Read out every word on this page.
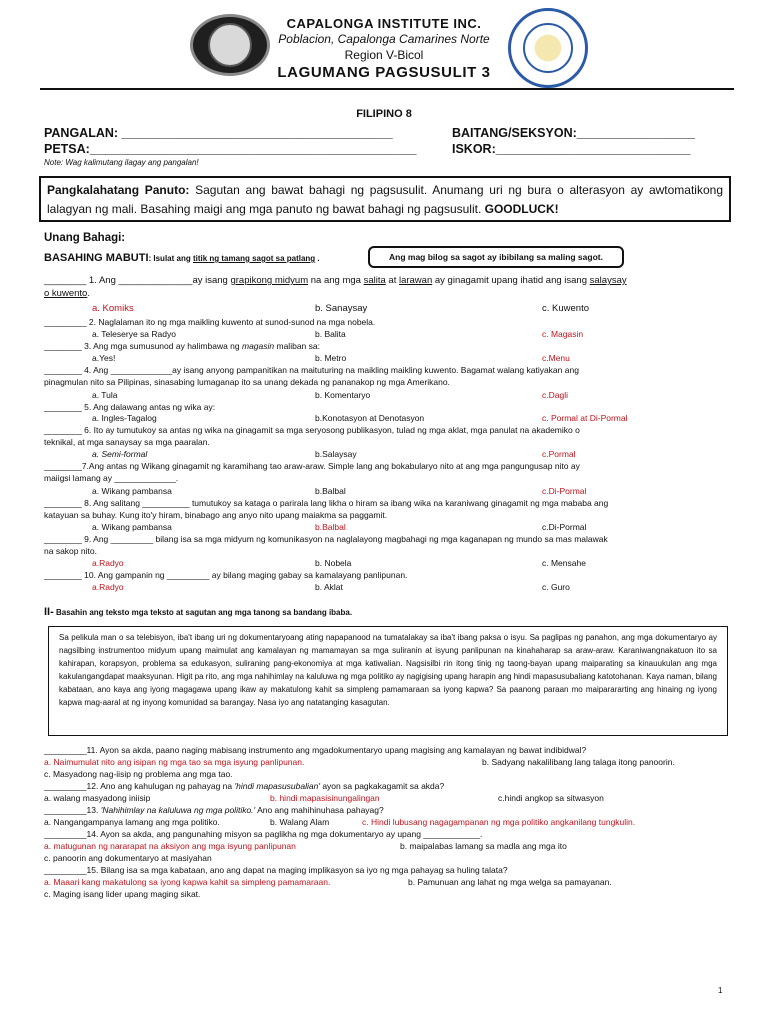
CAPALONGA INSTITUTE INC.
Poblacion, Capalonga Camarines Norte
Region V-Bicol
LAGUMANG PAGSUSULIT 3
FILIPINO 8
PANGALAN: _______________________________________
PETSA:_______________________________________________
BAITANG/SEKSYON:_________________
ISKOR:____________________________
Note: Wag kalimutang ilagay ang pangalan!
Pangkalahatang Panuto: Sagutan ang bawat bahagi ng pagsusulit. Anumang uri ng bura o alterasyon ay awtomatikong lalagyan ng mali. Basahing maigi ang mga panuto ng bawat bahagi ng pagsusulit. GOODLUCK!
Unang Bahagi:
BASAHING MABUTI: Isulat ang titik ng tamang sagot sa patlang .	Ang mag bilog sa sagot ay ibibilang sa maling sagot.
________ 1. Ang ______________ay isang grapikong midyum na ang mga salita at larawan ay ginagamit upang ihatid ang isang salaysay
o kuwento.
a. Komiks	b. Sanaysay	c. Kuwento
_________ 2. Naglalaman ito ng mga maikling kuwento at sunod-sunod na mga nobela.
a. Teleserye sa Radyo	b. Balita	c. Magasin
________ 3. Ang mga sumusunod ay halimbawa ng magasin maliban sa:
a.Yes!	b. Metro	c.Menu
________ 4. Ang _____________ay isang anyong pampanitikan na maituturing na maikling maikling kuwento. Bagamat walang katiyakan ang
pinagmulan nito sa Pilipinas, sinasabing lumaganap ito sa unang dekada ng pananakop ng mga Amerikano.
a. Tula	b. Komentaryo	c.Dagli
________ 5. Ang dalawang antas ng wika ay:
a. Ingles-Tagalog	b.Konotasyon at Denotasyon	c. Pormal at Di-Pormal
________ 6. Ito ay tumutukoy sa antas ng wika na ginagamit sa mga seryosong publikasyon, tulad ng mga aklat, mga panulat na akademiko o
teknikal, at mga sanaysay sa mga paaralan.
a. Semi-formal	b.Salaysay	c.Pormal
________7.Ang antas ng Wikang ginagamit ng karamihang tao araw-araw. Simple lang ang bokabularyo nito at ang mga pangungusap nito ay
maiigsi lamang ay _____________.
a. Wikang pambansa	b.Balbal	c.Di-Pormal
________ 8. Ang salitang __________ tumutukoy sa kataga o parirala lang likha o hiram sa ibang wika na karaniwang ginagamit ng mga mababa ang
katayuan sa buhay. Kung ito'y hiram, binabago ang anyo nito upang maiakma sa paggamit.
a. Wikang pambansa	b.Balbal	c.Di-Pormal
________ 9. Ang _________ bilang isa sa mga midyum ng komunikasyon na naglalayong magbahagi ng mga kaganapan ng mundo sa mas malawak
na sakop nito.
a.Radyo	b. Nobela	c. Mensahe
________ 10. Ang gampanin ng _________ ay bilang maging gabay sa kamalayang panlipunan.
a.Radyo	b. Aklat	c. Guro
II- Basahin ang teksto mga teksto at sagutan ang mga tanong sa bandang ibaba.
Sa pelikula man o sa telebisyon, iba't ibang uri ng dokumentaryoang ating napapanood na tumatalakay sa iba't ibang paksa o isyu. Sa paglipas ng panahon, ang mga dokumentaryo ay nagsilbing instrumentoo midyum upang maimulat ang kamalayan ng mamamayan sa mga suliranin at isyung panlipunan na kinahaharap sa araw-araw. Karaniwangnakatuon ito sa kahirapan, korapsyon, problema sa edukasyon, suliraning pang-ekonomiya at mga katiwalian. Nagsisilbi rin itong tinig ng taong-bayan upang maiparating sa kinauukulan ang mga kakulangangdapat maaksyunan. Higit pa rito, ang mga nahihimlay na kaluluwa ng mga politiko ay nagigising upang harapin ang hindi mapasusubaliang katotohanan. Kaya naman, bilang kabataan, ano kaya ang iyong magagawa upang ikaw ay makatulong kahit sa simpleng pamamaraan sa iyong kapwa? Sa paanong paraan mo maiparararting ang hinaing ng iyong kapwa mag-aaral at ng inyong komunidad sa barangay. Nasa iyo ang natatanging kasagutan.
_________11. Ayon sa akda, paano naging mabisang instrumento ang mgadokumentaryo upang magising ang kamalayan ng bawat indibidwal?
a. Naimumulat nito ang isipan ng mga tao sa mga isyung panlipunan.	b. Sadyang nakalilibang lang talaga itong panoorin.
c. Masyadong nag-iisip ng problema ang mga tao.
_________12. Ano ang kahulugan ng pahayag na 'hindi mapasusubalian' ayon sa pagkakagamit sa akda?
a. walang masyadong iniisip	b. hindi mapasisinungalingan	c.hindi angkop sa sitwasyon
_________13. 'Nahihimlay na kaluluwa ng mga politiko.' Ano ang mahihinuhasa pahayag?
a. Nangangampanya lamang ang mga politiko.	b. Walang Alam	c. Hindi lubusang nagagampanan ng mga politiko angkanilang tungkulin.
_________14. Ayon sa akda, ang pangunahing misyon sa paglikha ng mga dokumentaryo ay upang ____________.
a. matugunan ng nararapat na aksiyon ang mga isyung panlipunan	b. maipalabas lamang sa madla ang mga ito
c. panoorin ang dokumentaryo at masiyahan
_________15. Bilang isa sa mga kabataan, ano ang dapat na maging implikasyon sa iyo ng mga pahayag sa huling talata?
a. Maaari kang makatulong sa iyong kapwa kahit sa simpleng pamamaraan.	b. Pamunuan ang lahat ng mga welga sa pamayanan.
c. Maging isang lider upang maging sikat.
1
